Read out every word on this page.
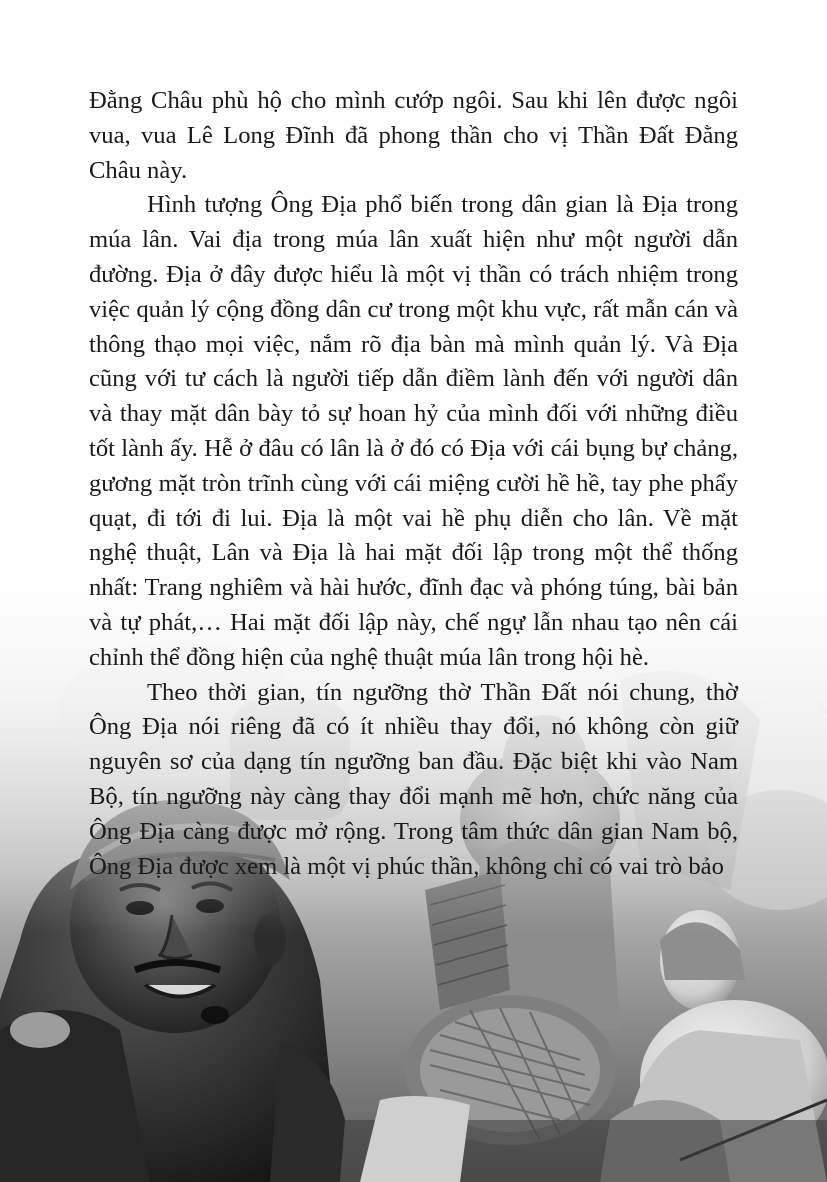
Đằng Châu phù hộ cho mình cướp ngôi. Sau khi lên được ngôi vua, vua Lê Long Đĩnh đã phong thần cho vị Thần Đất Đằng Châu này.

Hình tượng Ông Địa phổ biến trong dân gian là Địa trong múa lân. Vai địa trong múa lân xuất hiện như một người dẫn đường. Địa ở đây được hiểu là một vị thần có trách nhiệm trong việc quản lý cộng đồng dân cư trong một khu vực, rất mẫn cán và thông thạo mọi việc, nắm rõ địa bàn mà mình quản lý. Và Địa cũng với tư cách là người tiếp dẫn điềm lành đến với người dân và thay mặt dân bày tỏ sự hoan hỷ của mình đối với những điều tốt lành ấy. Hễ ở đâu có lân là ở đó có Địa với cái bụng bự chảng, gương mặt tròn trĩnh cùng với cái miệng cười hề hề, tay phe phẩy quạt, đi tới đi lui. Địa là một vai hề phụ diễn cho lân. Về mặt nghệ thuật, Lân và Địa là hai mặt đối lập trong một thể thống nhất: Trang nghiêm và hài hước, đĩnh đạc và phóng túng, bài bản và tự phát,… Hai mặt đối lập này, chế ngự lẫn nhau tạo nên cái chỉnh thể đồng hiện của nghệ thuật múa lân trong hội hè.

Theo thời gian, tín ngưỡng thờ Thần Đất nói chung, thờ Ông Địa nói riêng đã có ít nhiều thay đổi, nó không còn giữ nguyên sơ của dạng tín ngưỡng ban đầu. Đặc biệt khi vào Nam Bộ, tín ngưỡng này càng thay đổi mạnh mẽ hơn, chức năng của Ông Địa càng được mở rộng. Trong tâm thức dân gian Nam bộ, Ông Địa được xem là một vị phúc thần, không chỉ có vai trò bảo
